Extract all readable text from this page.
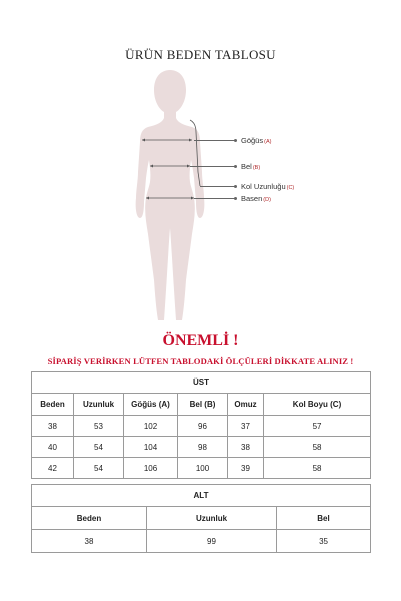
ÜRÜN BEDEN TABLOSU
Göğüs(A)
Bel(B)
Kol Uzunluğu(C)
Basen(D)
ÖNEMLİ !
SİPARİŞ VERİRKEN LÜTFEN TABLODAKİ ÖLÇÜLERİ DİKKATE ALINIZ !
ÜST					
Beden	Uzunluk	Göğüs (A)	Bel (B)	Omuz	Kol Boyu (C)
38	53	102	96	37	57
40	54	104	98	38	58
42	54	106	100	39	58
ALT		
Beden	Uzunluk	Bel
38	99	35
